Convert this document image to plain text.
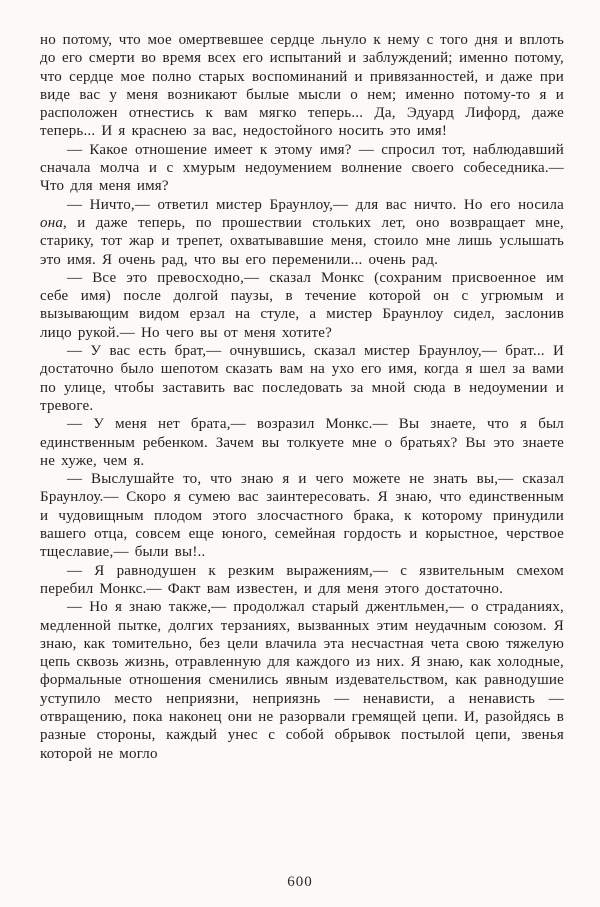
но потому, что мое омертвевшее сердце льнуло к нему с того дня и вплоть до его смерти во время всех его испытаний и заблуждений; именно потому, что сердце мое полно старых воспоминаний и привязанностей, и даже при виде вас у меня возникают былые мысли о нем; именно потому-то я и расположен отнестись к вам мягко теперь... Да, Эдуард Лифорд, даже теперь... И я краснею за вас, недостойного носить это имя!

— Какое отношение имеет к этому имя? — спросил тот, наблюдавший сначала молча и с хмурым недоумением волнение своего собеседника.— Что для меня имя?

— Ничто,— ответил мистер Браунлоу,— для вас ничто. Но его носила она, и даже теперь, по прошествии стольких лет, оно возвращает мне, старику, тот жар и трепет, охватывавшие меня, стоило мне лишь услышать это имя. Я очень рад, что вы его переменили... очень рад.

— Все это превосходно,— сказал Монкс (сохраним присвоенное им себе имя) после долгой паузы, в течение которой он с угрюмым и вызывающим видом ерзал на стуле, а мистер Браунлоу сидел, заслонив лицо рукой.— Но чего вы от меня хотите?

— У вас есть брат,— очнувшись, сказал мистер Браунлоу,— брат... И достаточно было шепотом сказать вам на ухо его имя, когда я шел за вами по улице, чтобы заставить вас последовать за мной сюда в недоумении и тревоге.

— У меня нет брата,— возразил Монкс.— Вы знаете, что я был единственным ребенком. Зачем вы толкуете мне о братьях? Вы это знаете не хуже, чем я.

— Выслушайте то, что знаю я и чего можете не знать вы,— сказал Браунлоу.— Скоро я сумею вас заинтересовать. Я знаю, что единственным и чудовищным плодом этого злосчастного брака, к которому принудили вашего отца, совсем еще юного, семейная гордость и корыстное, черствое тщеславие,— были вы!..

— Я равнодушен к резким выражениям,— с язвительным смехом перебил Монкс.— Факт вам известен, и для меня этого достаточно.

— Но я знаю также,— продолжал старый джентльмен,— о страданиях, медленной пытке, долгих терзаниях, вызванных этим неудачным союзом. Я знаю, как томительно, без цели влачила эта несчастная чета свою тяжелую цепь сквозь жизнь, отравленную для каждого из них. Я знаю, как холодные, формальные отношения сменились явным издевательством, как равнодушие уступило место неприязни, неприязнь — ненависти, а ненависть — отвращению, пока наконец они не разорвали гремящей цепи. И, разойдясь в разные стороны, каждый унес с собой обрывок постылой цепи, звенья которой не могло

600
